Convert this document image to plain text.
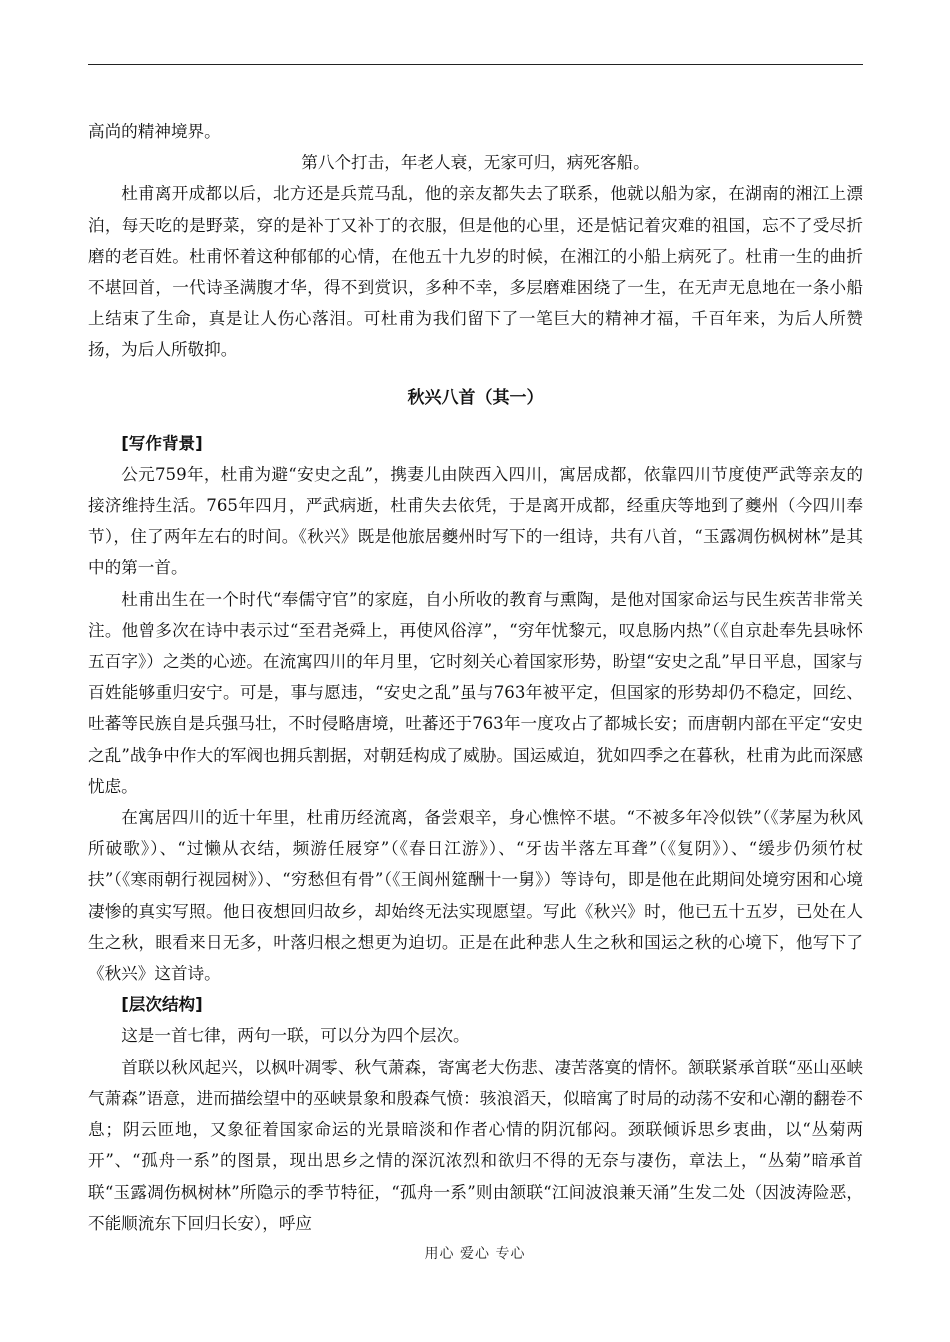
高尚的精神境界。

第八个打击，年老人衰，无家可归，病死客船。

杜甫离开成都以后，北方还是兵荒马乱，他的亲友都失去了联系，他就以船为家，在湖南的湘江上漂泊，每天吃的是野菜，穿的是补丁又补丁的衣服，但是他的心里，还是惦记着灾难的祖国，忘不了受尽折磨的老百姓。杜甫怀着这种郁郁的心情，在他五十九岁的时候，在湘江的小船上病死了。杜甫一生的曲折不堪回首，一代诗圣满腹才华，得不到赏识，多种不幸，多层磨难困绕了一生，在无声无息地在一条小船上结束了生命，真是让人伤心落泪。可杜甫为我们留下了一笔巨大的精神才福，千百年来，为后人所赞扬，为后人所敬抑。

秋兴八首（其一）
[写作背景]

公元759年，杜甫为避“安史之乱”，携妻儿由陕西入四川，寓居成都，依靠四川节度使严武等亲友的接济维持生活。765年四月，严武病逝，杜甫失去依凭，于是离开成都，经重庆等地到了夔州（今四川奉节），住了两年左右的时间。《秋兴》既是他旅居夔州时写下的一组诗，共有八首，“玉露凋伤枫树林”是其中的第一首。

杜甫出生在一个时代“奉儒守官”的家庭，自小所收的教育与熏陶，是他对国家命运与民生疾苦非常关注。他曾多次在诗中表示过“至君尧舜上，再使风俗淳”，“穷年忧黎元，叹息肠内热”（《自京赴奉先县咏怀五百字》）之类的心迹。在流寓四川的年月里，它时刻关心着国家形势，盼望“安史之乱”早日平息，国家与百姓能够重归安宁。可是，事与愿违，“安史之乱”虽与763年被平定，但国家的形势却仍不稳定，回纥、吐蕃等民族自是兵强马壮，不时侵略唐境，吐蕃还于763年一度攻占了都城长安；而唐朝内部在平定“安史之乱”战争中作大的军阀也拥兵割据，对朝廷构成了威胁。国运威迫，犹如四季之在暮秋，杜甫为此而深感忧虑。

在寓居四川的近十年里，杜甫历经流离，备尝艰辛，身心憔悴不堪。“不被多年冷似铁”（《茅屋为秋风所破歌》）、“过懒从衣结，频游任屐穿”（《春日江游》）、“牙齿半落左耳聋”（《复阴》）、“缓步仍须竹杖扶”（《寒雨朝行视园树》）、“穷愁但有骨”（《王阆州筵酬十一舅》）等诗句，即是他在此期间处境穷困和心境凄惨的真实写照。他日夜想回归故乡，却始终无法实现愿望。写此《秋兴》时，他已五十五岁，已处在人生之秋，眼看来日无多，叶落归根之想更为迫切。正是在此种悲人生之秋和国运之秋的心境下，他写下了《秋兴》这首诗。

[层次结构]

这是一首七律，两句一联，可以分为四个层次。

首联以秋风起兴，以枫叶凋零、秋气萧森，寄寓老大伤悲、凄苦落寞的情怀。颔联紧承首联“巫山巫峡气萧森”语意，进而描绘望中的巫峡景象和殷森气愤：骇浪滔天，似暗寓了时局的动荡不安和心潮的翻卷不息；阴云匝地，又象征着国家命运的光景暗淡和作者心情的阴沉郁闷。颈联倾诉思乡衷曲，以“丛菊两开”、“孤舟一系”的图景，现出思乡之情的深沉浓烈和欲归不得的无奈与凄伤，章法上，“丛菊”暗承首联“玉露凋伤枫树林”所隐示的季节特征，“孤舟一系”则由颔联“江间波浪兼天涌”生发二处（因波涛险恶，不能顺流东下回归长安），呼应

用心 爱心 专心
